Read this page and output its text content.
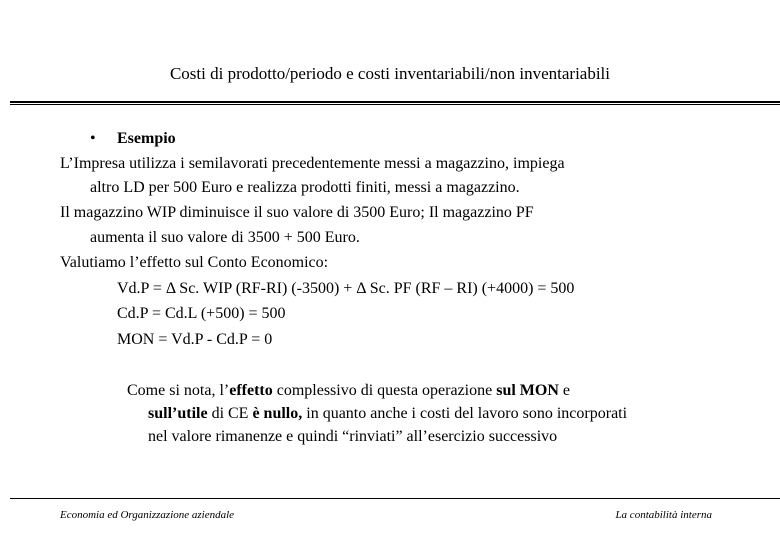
Costi di prodotto/periodo e costi inventariabili/non inventariabili
• Esempio
L’Impresa utilizza i semilavorati precedentemente messi a magazzino, impiega
altro LD per 500 Euro e realizza prodotti finiti, messi a magazzino.
Il magazzino WIP diminuisce il suo valore di 3500 Euro; Il magazzino PF
aumenta il suo valore di 3500 + 500 Euro.
Valutiamo l’effetto sul Conto Economico:
Vd.P = Δ Sc. WIP (RF-RI) (-3500) + Δ Sc. PF (RF – RI) (+4000) = 500
Cd.P = Cd.L (+500) = 500
MON = Vd.P - Cd.P = 0
Come si nota, l’effetto complessivo di questa operazione sul MON e
sull’utile di CE è nullo, in quanto anche i costi del lavoro sono incorporati
nel valore rimanenze e quindi “rinviati” all’esercizio successivo
Economia ed Organizzazione aziendale	La contabilità interna
